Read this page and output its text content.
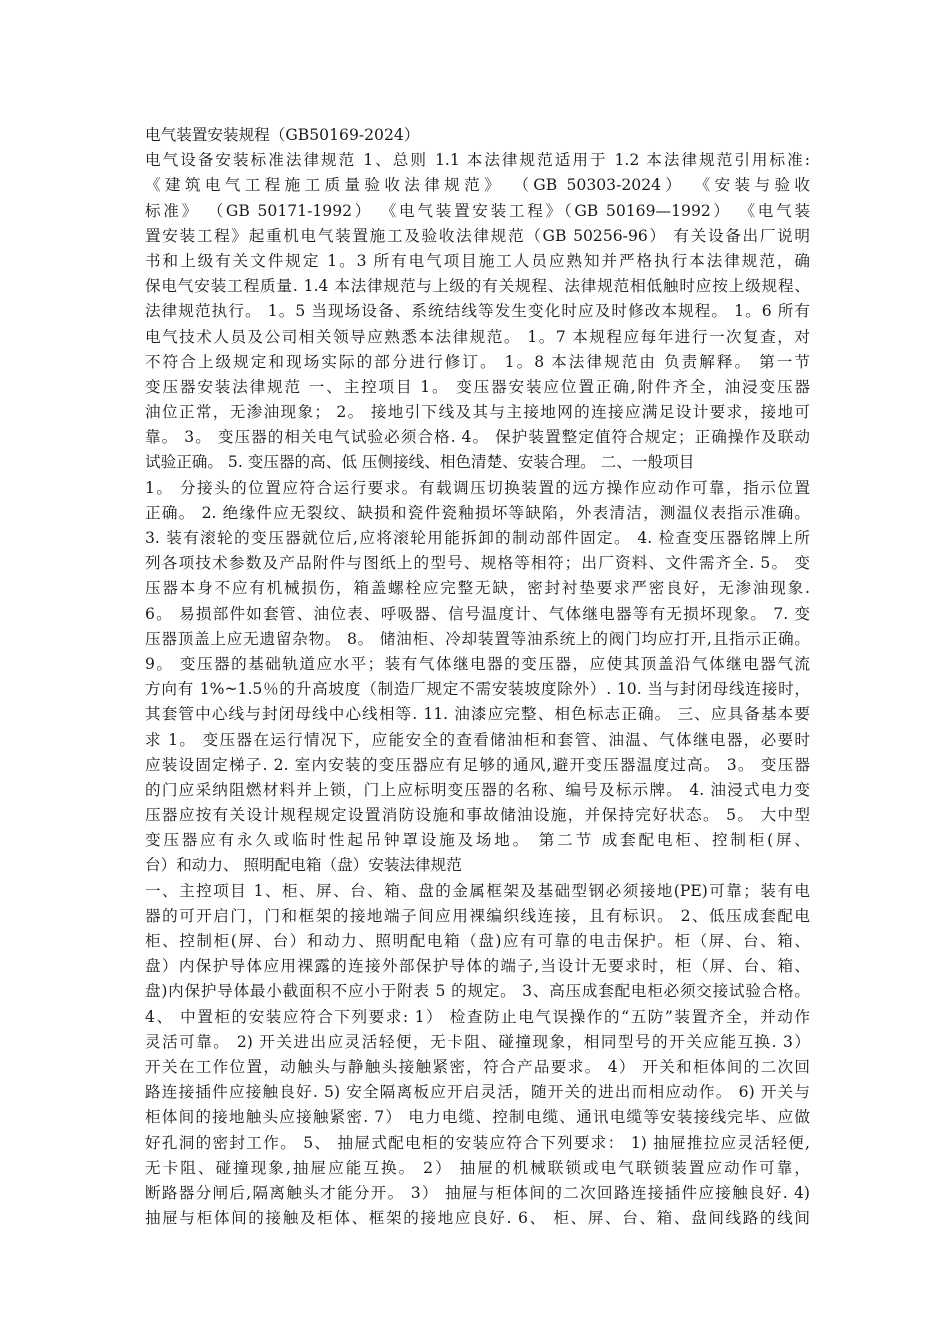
电气装置安装规程（GB50169-2024）
电气设备安装标准法律规范 1、总则 1.1 本法律规范适用于 1.2 本法律规范引用标准:
《建筑电气工程施工质量验收法律规范》 （GB 50303-2024） 《安装与验收
标准》 （GB 50171-1992） 《电气装置安装工程》（GB 50169—1992） 《电气装
置安装工程》起重机电气装置施工及验收法律规范（GB 50256-96） 有关设备出厂说明
书和上级有关文件规定 1。3 所有电气项目施工人员应熟知并严格执行本法律规范，确
保电气安装工程质量. 1.4 本法律规范与上级的有关规程、法律规范相低触时应按上级规程、
法律规范执行。 1。5 当现场设备、系统结线等发生变化时应及时修改本规程。 1。6 所有
电气技术人员及公司相关领导应熟悉本法律规范。 1。7 本规程应每年进行一次复查，对
不符合上级规定和现场实际的部分进行修订。 1。8 本法律规范由 负责解释。 第一节
变压器安装法律规范 一、主控项目 1。 变压器安装应位置正确,附件齐全，油浸变压器
油位正常，无渗油现象； 2。 接地引下线及其与主接地网的连接应满足设计要求，接地可
靠。 3。 变压器的相关电气试验必须合格. 4。 保护装置整定值符合规定；正确操作及联动
试验正确。 5. 变压器的高、低 压侧接线、相色清楚、安装合理。 二、一般项目
1。 分接头的位置应符合运行要求。有载调压切换装置的远方操作应动作可靠，指示位置
正确。 2. 绝缘件应无裂纹、缺损和瓷件瓷釉损坏等缺陷，外表清洁，测温仪表指示准确。
3. 装有滚轮的变压器就位后,应将滚轮用能拆卸的制动部件固定。 4. 检查变压器铭牌上所
列各项技术参数及产品附件与图纸上的型号、规格等相符；出厂资料、文件需齐全. 5。 变
压器本身不应有机械损伤，箱盖螺栓应完整无缺，密封衬垫要求严密良好，无渗油现象.
6。 易损部件如套管、油位表、呼吸器、信号温度计、气体继电器等有无损坏现象。 7. 变
压器顶盖上应无遗留杂物。 8。 储油柜、冷却装置等油系统上的阀门均应打开,且指示正确。
9。 变压器的基础轨道应水平；装有气体继电器的变压器，应使其顶盖沿气体继电器气流
方向有 1%~1.5％的升高坡度（制造厂规定不需安装坡度除外）. 10. 当与封闭母线连接时，
其套管中心线与封闭母线中心线相等. 11. 油漆应完整、相色标志正确。 三、应具备基本要
求 1。 变压器在运行情况下，应能安全的查看储油柜和套管、油温、气体继电器，必要时
应装设固定梯子. 2. 室内安装的变压器应有足够的通风,避开变压器温度过高。 3。 变压器
的门应采纳阻燃材料并上锁，门上应标明变压器的名称、编号及标示牌。 4. 油浸式电力变
压器应按有关设计规程规定设置消防设施和事故储油设施，并保持完好状态。 5。 大中型
变压器应有永久或临时性起吊钟罩设施及场地。 第二节 成套配电柜、控制柜(屏、
台）和动力、 照明配电箱（盘）安装法律规范
一、主控项目 1、柜、屏、台、箱、盘的金属框架及基础型钢必须接地(PE)可靠；装有电
器的可开启门，门和框架的接地端子间应用裸编织线连接，且有标识。 2、低压成套配电
柜、控制柜(屏、台）和动力、照明配电箱（盘)应有可靠的电击保护。柜（屏、台、箱、
盘）内保护导体应用裸露的连接外部保护导体的端子,当设计无要求时，柜（屏、台、箱、
盘)内保护导体最小截面积不应小于附表 5 的规定。 3、高压成套配电柜必须交接试验合格。
4、 中置柜的安装应符合下列要求: 1） 检查防止电气误操作的“五防”装置齐全，并动作
灵活可靠。 2) 开关进出应灵活轻便，无卡阻、碰撞现象，相同型号的开关应能互换. 3）
开关在工作位置，动触头与静触头接触紧密，符合产品要求。 4） 开关和柜体间的二次回
路连接插件应接触良好. 5) 安全隔离板应开启灵活，随开关的进出而相应动作。 6) 开关与
柜体间的接地触头应接触紧密. 7） 电力电缆、控制电缆、通讯电缆等安装接线完毕、应做
好孔洞的密封工作。 5、 抽屉式配电柜的安装应符合下列要求： 1) 抽屉推拉应灵活轻便,
无卡阻、碰撞现象,抽屉应能互换。 2） 抽屉的机械联锁或电气联锁装置应动作可靠，
断路器分闸后,隔离触头才能分开。 3） 抽屉与柜体间的二次回路连接插件应接触良好. 4)
抽屉与柜体间的接触及柜体、框架的接地应良好. 6、 柜、屏、台、箱、盘间线路的线间
